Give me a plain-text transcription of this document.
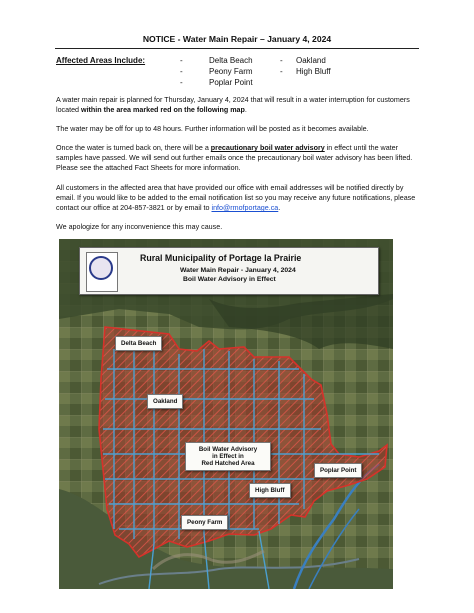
NOTICE - Water Main Repair – January 4, 2024
Affected Areas Include:	-
-
-
Delta Beach
Peony Farm
Poplar Point
-
-
Oakland
High Bluff
A water main repair is planned for Thursday, January 4, 2024 that will result in a water interruption for customers located within the area marked red on the following map.
The water may be off for up to 48 hours. Further information will be posted as it becomes available.
Once the water is turned back on, there will be a precautionary boil water advisory in effect until the water samples have passed. We will send out further emails once the precautionary boil water advisory has been lifted. Please see the attached Fact Sheets for more information.
All customers in the affected area that have provided our office with email addresses will be notified directly by email. If you would like to be added to the email notification list so you may receive any future notifications, please contact our office at 204-857-3821 or by email to info@rmofportage.ca.
We apologize for any inconvenience this may cause.
Rural Municipality of Portage la Prairie
Water Main Repair - January 4, 2024
Boil Water Advisory in Effect
Delta Beach
Oakland
Boil Water Advisory
in Effect in
Red Hatched Area
Poplar Point
High Bluff
Peony Farm
